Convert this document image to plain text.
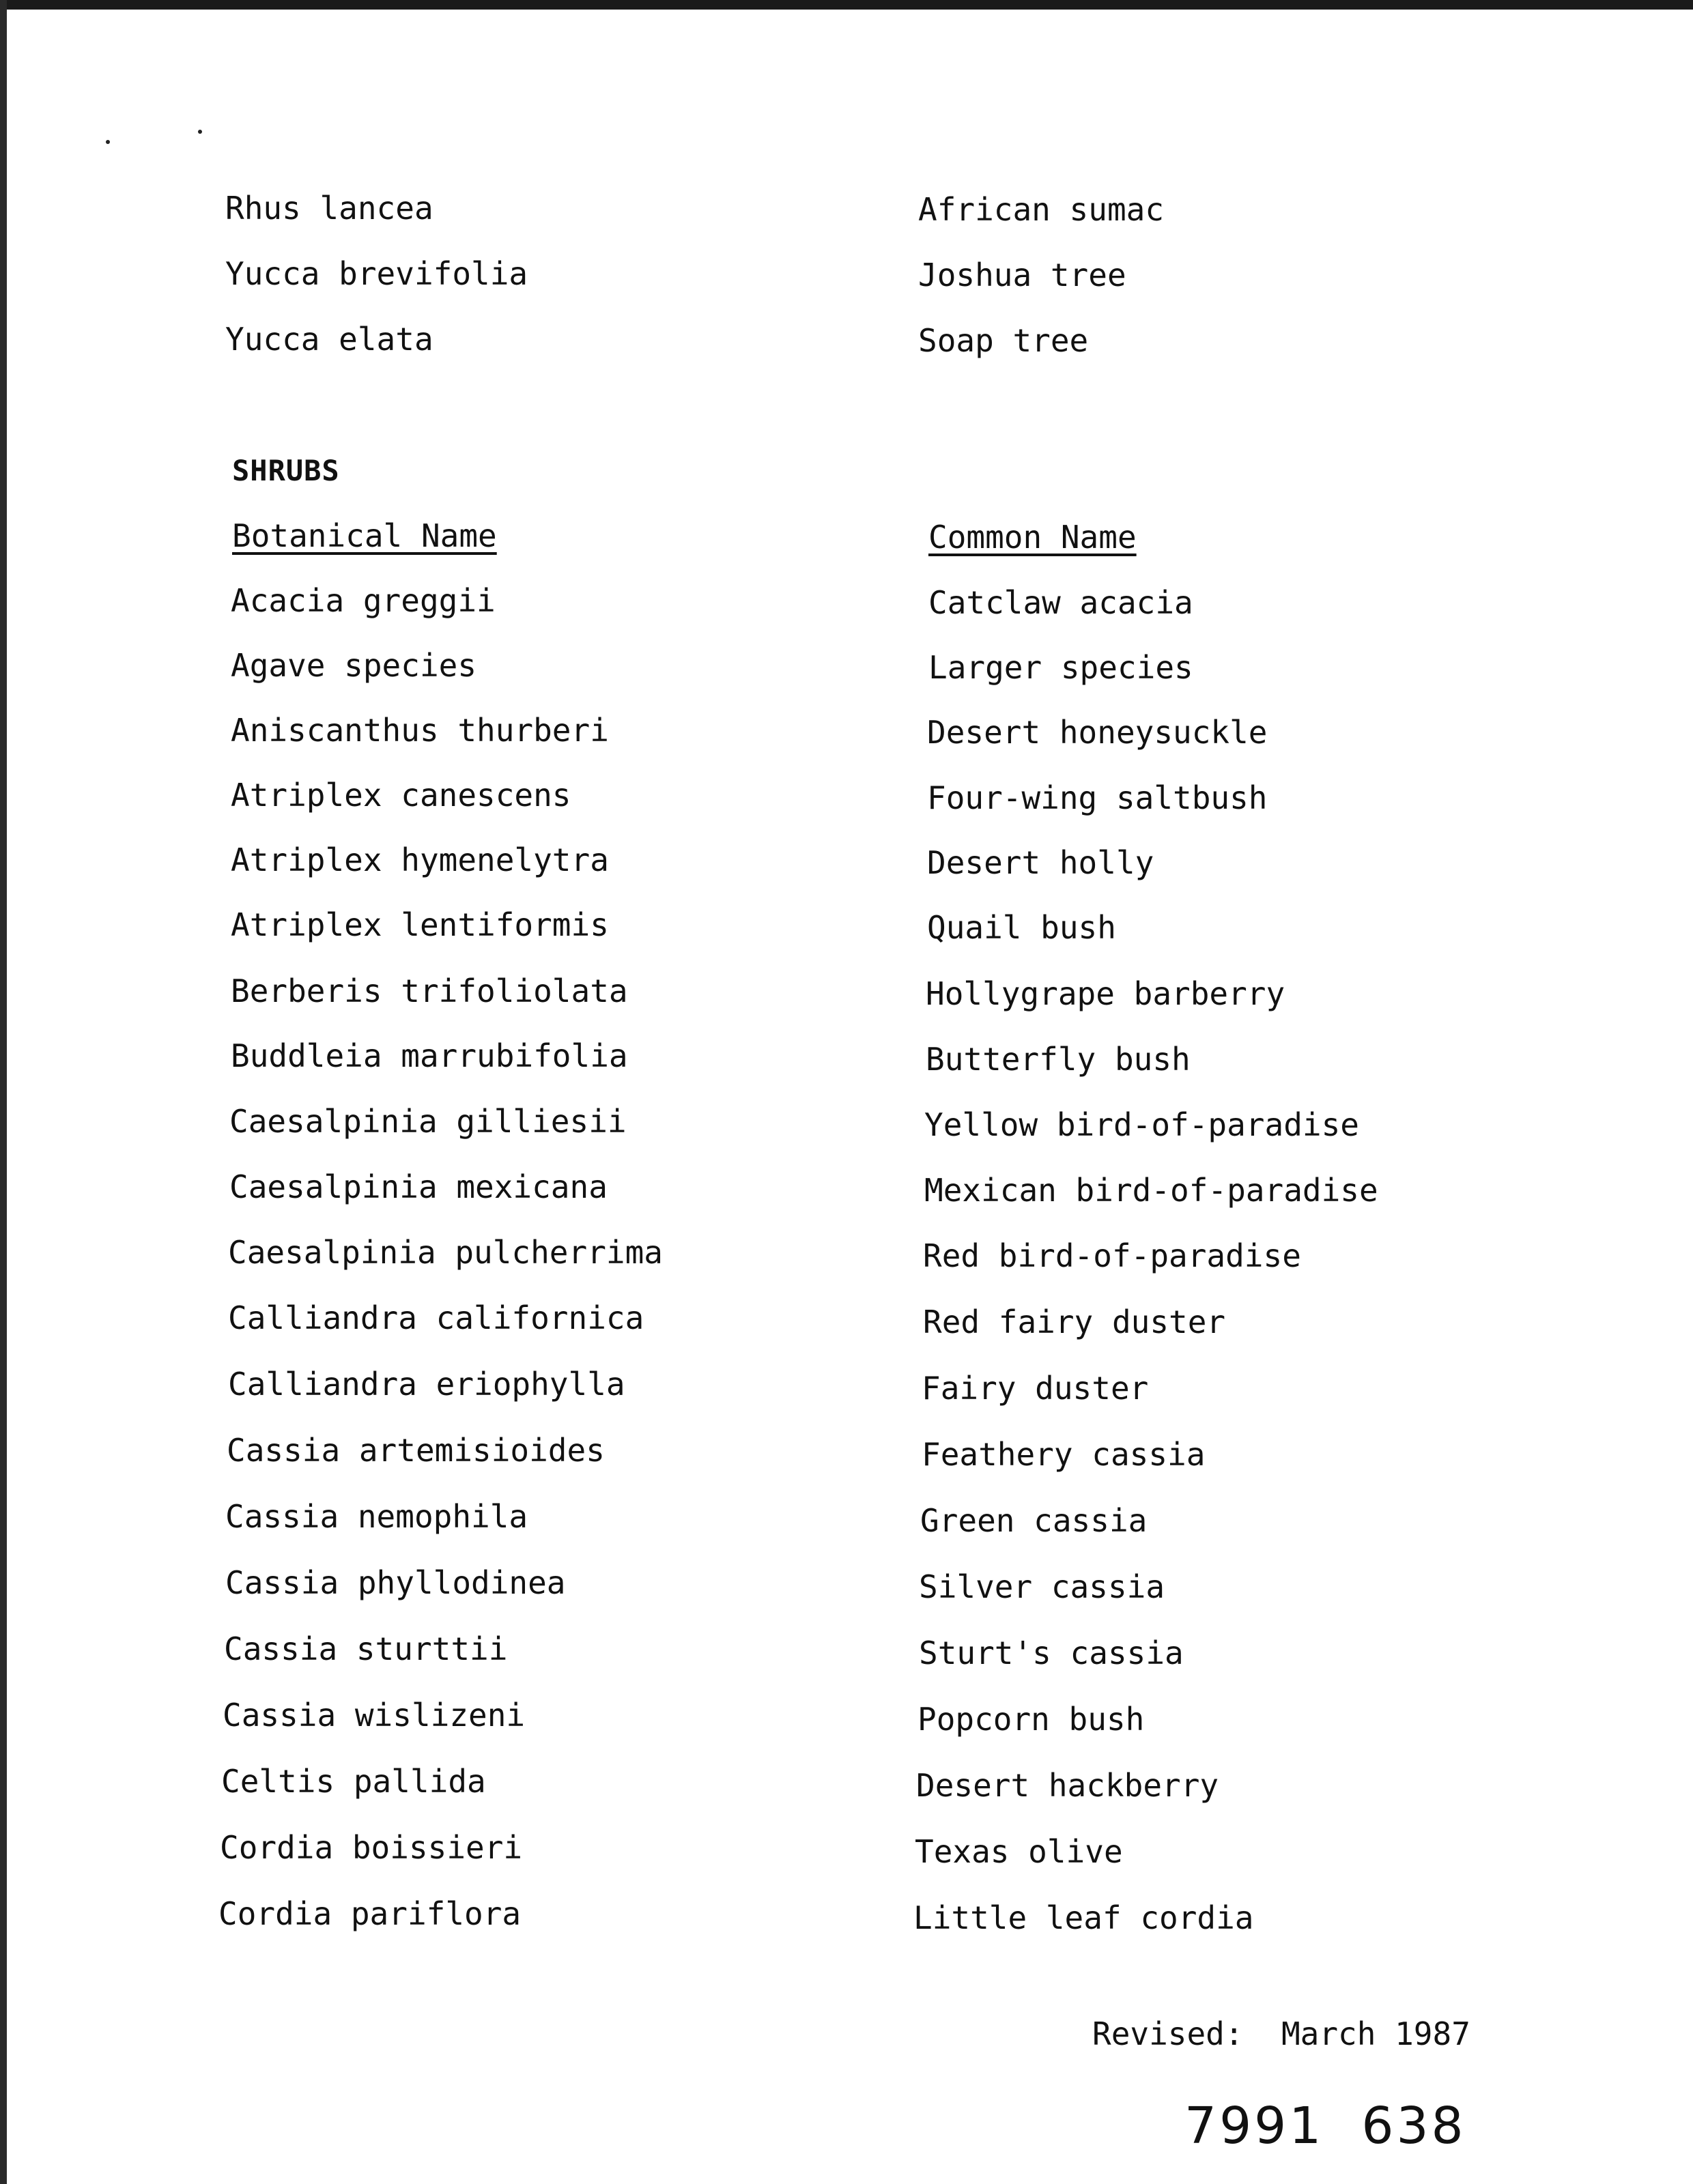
Rhus lancea	African sumac
Yucca brevifolia	Joshua tree
Yucca elata	Soap tree
SHRUBS
Botanical Name	Common Name
Acacia greggii	Catclaw acacia
Agave species	Larger species
Aniscanthus thurberi	Desert honeysuckle
Atriplex canescens	Four-wing saltbush
Atriplex hymenelytra	Desert holly
Atriplex lentiformis	Quail bush
Berberis trifoliolata	Hollygrape barberry
Buddleia marrubifolia	Butterfly bush
Caesalpinia gilliesii	Yellow bird-of-paradise
Caesalpinia mexicana	Mexican bird-of-paradise
Caesalpinia pulcherrima	Red bird-of-paradise
Calliandra californica	Red fairy duster
Calliandra eriophylla	Fairy duster
Cassia artemisioides	Feathery cassia
Cassia nemophila	Green cassia
Cassia phyllodinea	Silver cassia
Cassia sturttii	Sturt's cassia
Cassia wislizeni	Popcorn bush
Celtis pallida	Desert hackberry
Cordia boissieri	Texas olive
Cordia pariflora	Little leaf cordia
Revised:  March 1987
7991  638
